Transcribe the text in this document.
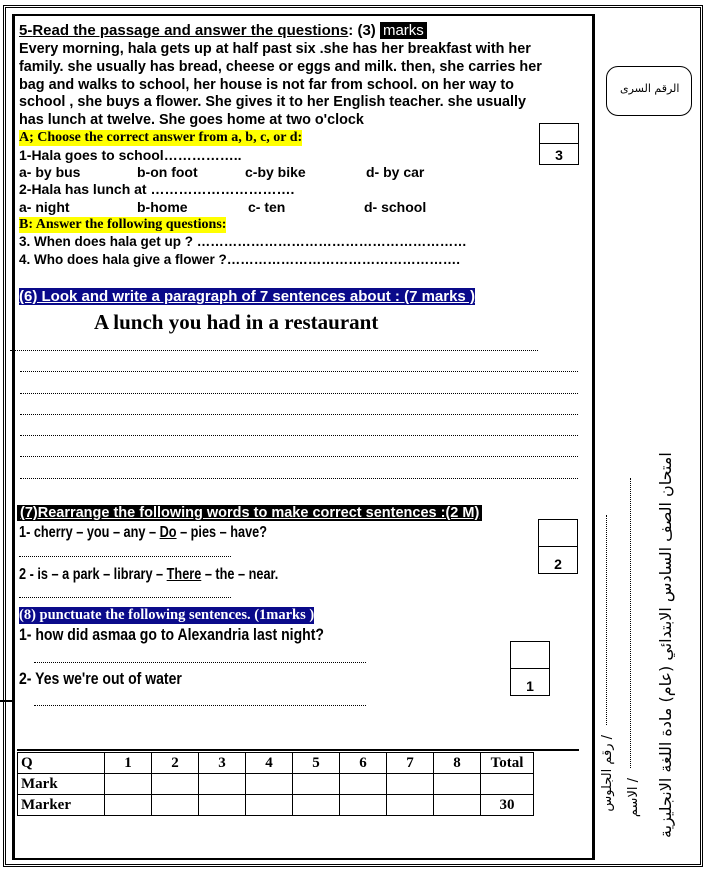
5-Read the passage and answer the questions: (3) marks
Every morning, hala gets up at half past six .she has her breakfast with her
family. she usually has bread, cheese or eggs and milk. then, she carries her
bag and walks to school, her house is not far from school. on her way to
school , she buys a flower. She gives it to her English teacher. she usually
has lunch at twelve. She goes home at two o'clock
A; Choose the correct answer from a, b, c, or d:
1-Hala goes to school……………..
a- by bus	b-on foot	c-by bike	d- by car
2-Hala has lunch at ………………………….
a- night	b-home	c- ten	d- school
B: Answer the following questions:
3. When does hala get up ? ……………………………………………………
4. Who does hala give a flower ?…………………………………………….
3
(6) Look and write a paragraph of 7 sentences about : (7 marks )
A lunch you had in a restaurant
(7)Rearrange the following words to make correct sentences :(2 M)
1- cherry – you – any – Do – pies – have?
2 - is – a park – library – There – the – near.
2
(8) punctuate the following sentences. (1marks )
1- how did asmaa go to Alexandria last night?
2- Yes we're out of water	1
Q	1	2	3	4	5	6	7	8	Total
Mark									
Marker									30
الرقم السرى
امتحان الصف السادس الابتدائي (عام) مادة اللغة الانجليزية
الاسم /
رقم الجلوس /
